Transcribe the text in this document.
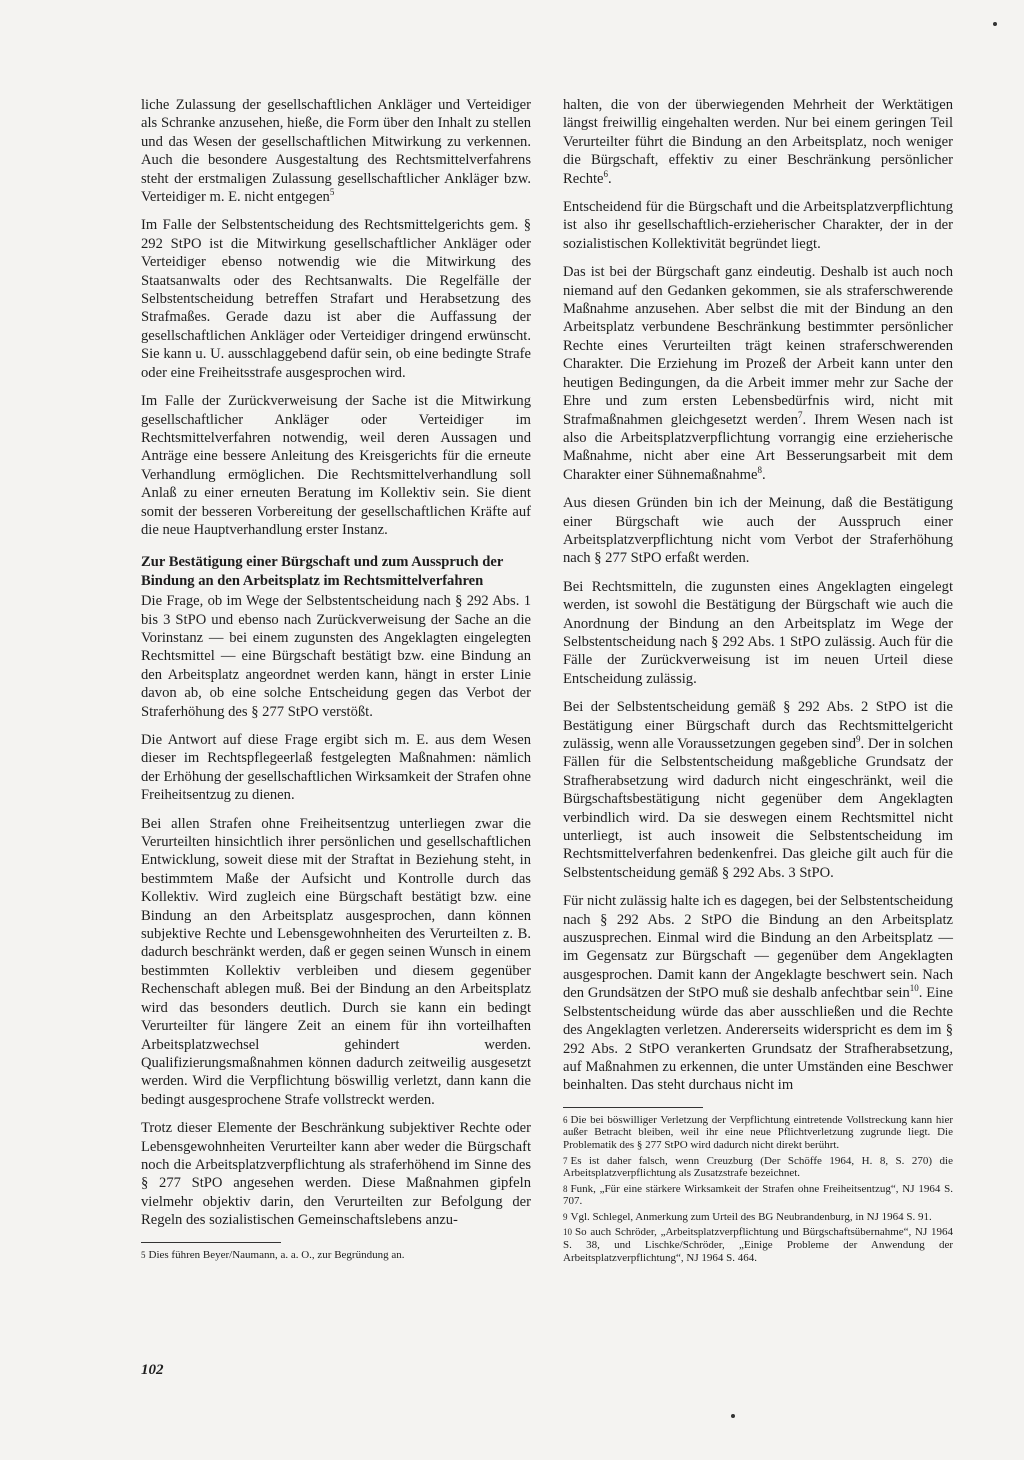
liche Zulassung der gesellschaftlichen Ankläger und Verteidiger als Schranke anzusehen, hieße, die Form über den Inhalt zu stellen und das Wesen der gesellschaftlichen Mitwirkung zu verkennen. Auch die besondere Ausgestaltung des Rechtsmittelverfahrens steht der erstmaligen Zulassung gesellschaftlicher Ankläger bzw. Verteidiger m. E. nicht entgegen$^5$

Im Falle der Selbstentscheidung des Rechtsmittelgerichts gem. § 292 StPO ist die Mitwirkung gesellschaftlicher Ankläger oder Verteidiger ebenso notwendig wie die Mitwirkung des Staatsanwalts oder des Rechtsanwalts. Die Regelfälle der Selbstentscheidung betreffen Strafart und Herabsetzung des Strafmaßes. Gerade dazu ist aber die Auffassung der gesellschaftlichen Ankläger oder Verteidiger dringend erwünscht. Sie kann u. U. ausschlaggebend dafür sein, ob eine bedingte Strafe oder eine Freiheitsstrafe ausgesprochen wird.

Im Falle der Zurückverweisung der Sache ist die Mitwirkung gesellschaftlicher Ankläger oder Verteidiger im Rechtsmittelverfahren notwendig, weil deren Aussagen und Anträge eine bessere Anleitung des Kreisgerichts für die erneute Verhandlung ermöglichen. Die Rechtsmittelverhandlung soll Anlaß zu einer erneuten Beratung im Kollektiv sein. Sie dient somit der besseren Vorbereitung der gesellschaftlichen Kräfte auf die neue Hauptverhandlung erster Instanz.

Zur Bestätigung einer Bürgschaft und zum Ausspruch der Bindung an den Arbeitsplatz im Rechtsmittelverfahren

Die Frage, ob im Wege der Selbstentscheidung nach § 292 Abs. 1 bis 3 StPO und ebenso nach Zurückverweisung der Sache an die Vorinstanz — bei einem zugunsten des Angeklagten eingelegten Rechtsmittel — eine Bürgschaft bestätigt bzw. eine Bindung an den Arbeitsplatz angeordnet werden kann, hängt in erster Linie davon ab, ob eine solche Entscheidung gegen das Verbot der Straferhöhung des § 277 StPO verstößt.

Die Antwort auf diese Frage ergibt sich m. E. aus dem Wesen dieser im Rechtspflegeerlaß festgelegten Maßnahmen: nämlich der Erhöhung der gesellschaftlichen Wirksamkeit der Strafen ohne Freiheitsentzug zu dienen.

Bei allen Strafen ohne Freiheitsentzug unterliegen zwar die Verurteilten hinsichtlich ihrer persönlichen und gesellschaftlichen Entwicklung, soweit diese mit der Straftat in Beziehung steht, in bestimmtem Maße der Aufsicht und Kontrolle durch das Kollektiv. Wird zugleich eine Bürgschaft bestätigt bzw. eine Bindung an den Arbeitsplatz ausgesprochen, dann können subjektive Rechte und Lebensgewohnheiten des Verurteilten z. B. dadurch beschränkt werden, daß er gegen seinen Wunsch in einem bestimmten Kollektiv verbleiben und diesem gegenüber Rechenschaft ablegen muß. Bei der Bindung an den Arbeitsplatz wird das besonders deutlich. Durch sie kann ein bedingt Verurteilter für längere Zeit an einem für ihn vorteilhaften Arbeitsplatzwechsel gehindert werden. Qualifizierungsmaßnahmen können dadurch zeitweilig ausgesetzt werden. Wird die Verpflichtung böswillig verletzt, dann kann die bedingt ausgesprochene Strafe vollstreckt werden.

Trotz dieser Elemente der Beschränkung subjektiver Rechte oder Lebensgewohnheiten Verurteilter kann aber weder die Bürgschaft noch die Arbeitsplatzverpflichtung als straferhöhend im Sinne des § 277 StPO angesehen werden. Diese Maßnahmen gipfeln vielmehr objektiv darin, den Verurteilten zur Befolgung der Regeln des sozialistischen Gemeinschaftslebens anzu-

5 Dies führen Beyer/Naumann, a. a. O., zur Begründung an.

halten, die von der überwiegenden Mehrheit der Werktätigen längst freiwillig eingehalten werden. Nur bei einem geringen Teil Verurteilter führt die Bindung an den Arbeitsplatz, noch weniger die Bürgschaft, effektiv zu einer Beschränkung persönlicher Rechte$^6$.

Entscheidend für die Bürgschaft und die Arbeitsplatzverpflichtung ist also ihr gesellschaftlich-erzieherischer Charakter, der in der sozialistischen Kollektivität begründet liegt.

Das ist bei der Bürgschaft ganz eindeutig. Deshalb ist auch noch niemand auf den Gedanken gekommen, sie als straferschwerende Maßnahme anzusehen. Aber selbst die mit der Bindung an den Arbeitsplatz verbundene Beschränkung bestimmter persönlicher Rechte eines Verurteilten trägt keinen straferschwerenden Charakter. Die Erziehung im Prozeß der Arbeit kann unter den heutigen Bedingungen, da die Arbeit immer mehr zur Sache der Ehre und zum ersten Lebensbedürfnis wird, nicht mit Strafmaßnahmen gleichgesetzt werden$^7$. Ihrem Wesen nach ist also die Arbeitsplatzverpflichtung vorrangig eine erzieherische Maßnahme, nicht aber eine Art Besserungsarbeit mit dem Charakter einer Sühnemaßnahme$^8$.

Aus diesen Gründen bin ich der Meinung, daß die Bestätigung einer Bürgschaft wie auch der Ausspruch einer Arbeitsplatzverpflichtung nicht vom Verbot der Straferhöhung nach § 277 StPO erfaßt werden.

Bei Rechtsmitteln, die zugunsten eines Angeklagten eingelegt werden, ist sowohl die Bestätigung der Bürgschaft wie auch die Anordnung der Bindung an den Arbeitsplatz im Wege der Selbstentscheidung nach § 292 Abs. 1 StPO zulässig. Auch für die Fälle der Zurückverweisung ist im neuen Urteil diese Entscheidung zulässig.

Bei der Selbstentscheidung gemäß § 292 Abs. 2 StPO ist die Bestätigung einer Bürgschaft durch das Rechtsmittelgericht zulässig, wenn alle Voraussetzungen gegeben sind$^9$. Der in solchen Fällen für die Selbstentscheidung maßgebliche Grundsatz der Strafherabsetzung wird dadurch nicht eingeschränkt, weil die Bürgschaftsbestätigung nicht gegenüber dem Angeklagten verbindlich wird. Da sie deswegen einem Rechtsmittel nicht unterliegt, ist auch insoweit die Selbstentscheidung im Rechtsmittelverfahren bedenkenfrei. Das gleiche gilt auch für die Selbstentscheidung gemäß § 292 Abs. 3 StPO.

Für nicht zulässig halte ich es dagegen, bei der Selbstentscheidung nach § 292 Abs. 2 StPO die Bindung an den Arbeitsplatz auszusprechen. Einmal wird die Bindung an den Arbeitsplatz — im Gegensatz zur Bürgschaft — gegenüber dem Angeklagten ausgesprochen. Damit kann der Angeklagte beschwert sein. Nach den Grundsätzen der StPO muß sie deshalb anfechtbar sein$^{10}$. Eine Selbstentscheidung würde das aber ausschließen und die Rechte des Angeklagten verletzen. Andererseits widerspricht es dem im § 292 Abs. 2 StPO verankerten Grundsatz der Strafherabsetzung, auf Maßnahmen zu erkennen, die unter Umständen eine Beschwer beinhalten. Das steht durchaus nicht im

6 Die bei böswilliger Verletzung der Verpflichtung eintretende Vollstreckung kann hier außer Betracht bleiben, weil ihr eine neue Pflichtverletzung zugrunde liegt. Die Problematik des § 277 StPO wird dadurch nicht direkt berührt.

7 Es ist daher falsch, wenn Creuzburg (Der Schöffe 1964, H. 8, S. 270) die Arbeitsplatzverpflichtung als Zusatzstrafe bezeichnet.

8 Funk, „Für eine stärkere Wirksamkeit der Strafen ohne Freiheitsentzug“, NJ 1964 S. 707.

9 Vgl. Schlegel, Anmerkung zum Urteil des BG Neubrandenburg, in NJ 1964 S. 91.

10 So auch Schröder, „Arbeitsplatzverpflichtung und Bürgschaftsübernahme“, NJ 1964 S. 38, und Lischke/Schröder, „Einige Probleme der Anwendung der Arbeitsplatzverpflichtung“, NJ 1964 S. 464.

102
